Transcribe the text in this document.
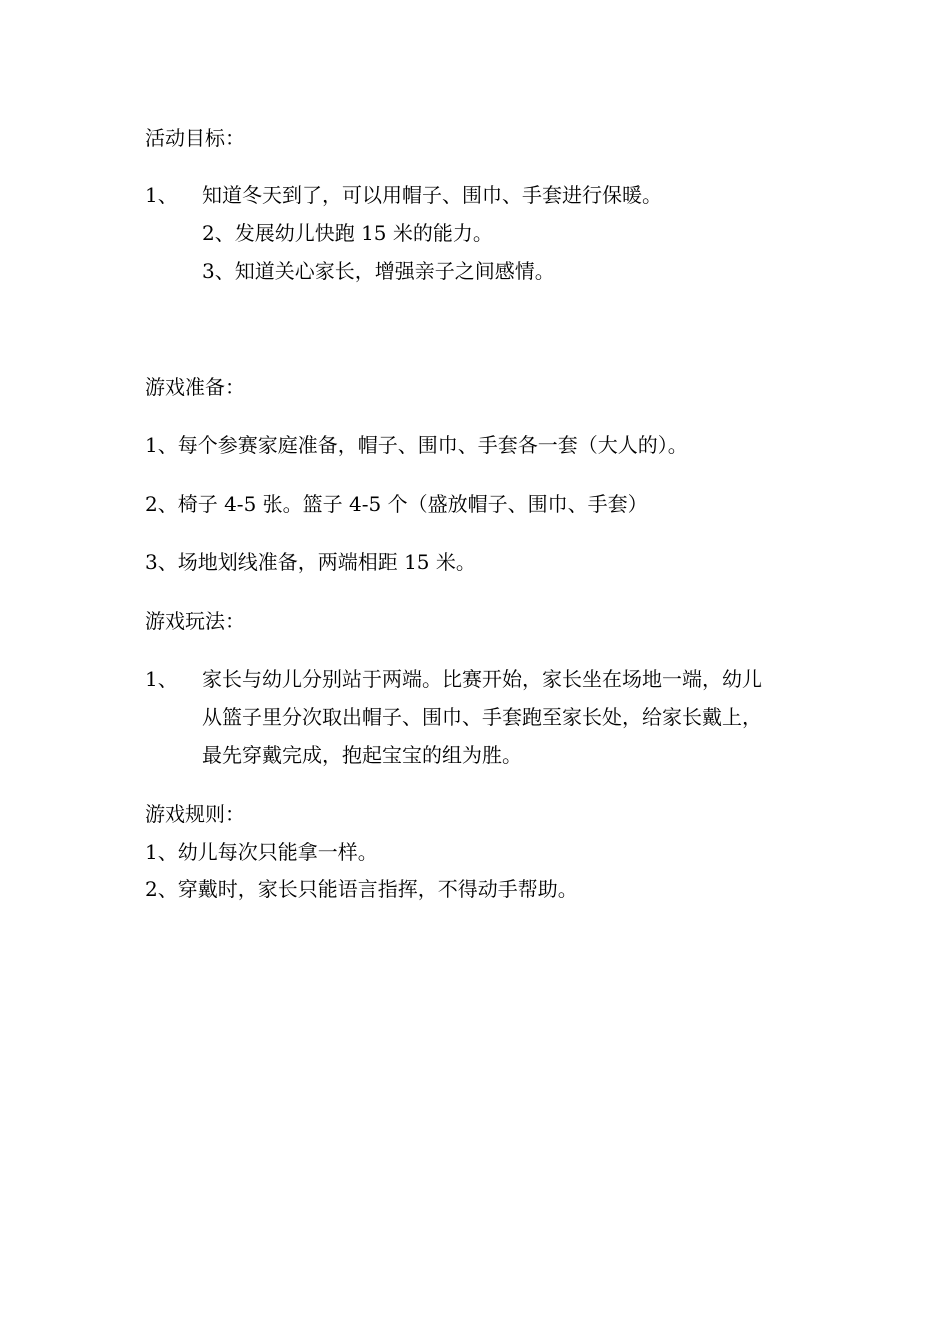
活动目标：

1、 知道冬天到了，可以用帽子、围巾、手套进行保暖。

2、发展幼儿快跑 15 米的能力。

3、知道关心家长，增强亲子之间感情。

游戏准备：

1、每个参赛家庭准备，帽子、围巾、手套各一套（大人的）。

2、椅子 4-5 张。篮子 4-5 个（盛放帽子、围巾、手套）

3、场地划线准备，两端相距 15 米。

游戏玩法：

1、 家长与幼儿分别站于两端。比赛开始，家长坐在场地一端，幼儿

从篮子里分次取出帽子、围巾、手套跑至家长处，给家长戴上，

最先穿戴完成，抱起宝宝的组为胜。

游戏规则：

1、幼儿每次只能拿一样。

2、穿戴时，家长只能语言指挥，不得动手帮助。
